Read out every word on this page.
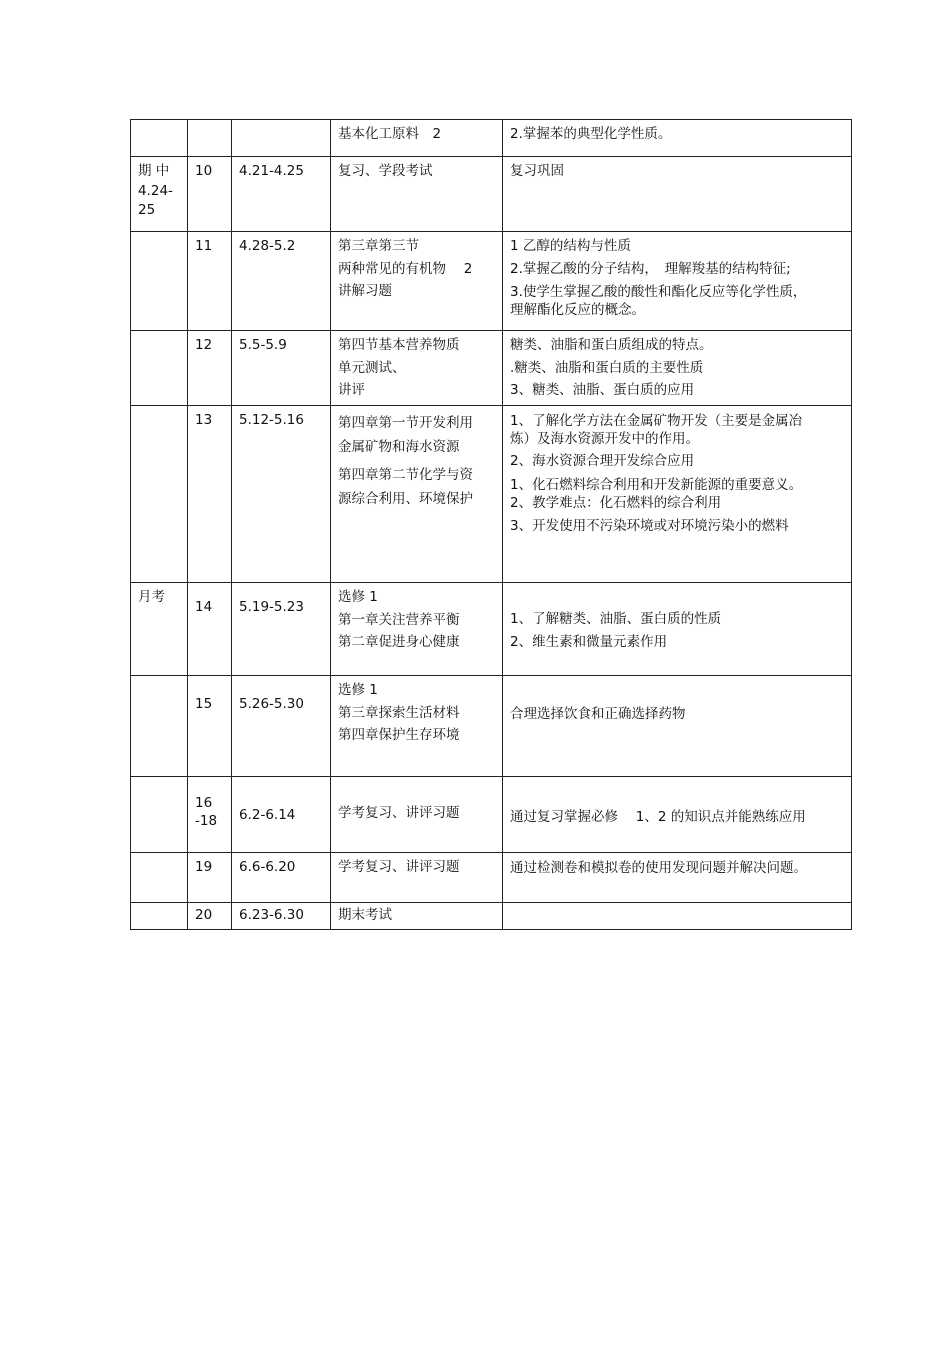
			基本化工原料　2	2.掌握苯的典型化学性质。

期 中
4.24-
25	10	4.21-4.25	复习、学段考试	复习巩固

	11	4.28-5.2	第三章第三节
两种常见的有机物　 2
讲解习题	1 乙醇的结构与性质
2.掌握乙酸的分子结构，　理解羧基的结构特征;
3.使学生掌握乙酸的酸性和酯化反应等化学性质，理解酯化反应的概念。

	12	5.5-5.9	第四节基本营养物质
单元测试、
讲评	糖类、油脂和蛋白质组成的特点。
.糖类、油脂和蛋白质的主要性质
3、糖类、油脂、蛋白质的应用

	13	5.12-5.16	第四章第一节开发利用金属矿物和海水资源
第四章第二节化学与资源综合利用、环境保护	1、了解化学方法在金属矿物开发（主要是金属冶炼）及海水资源开发中的作用。
2、海水资源合理开发综合应用
1、化石燃料综合利用和开发新能源的重要意义。 2、教学难点：化石燃料的综合利用
3、开发使用不污染环境或对环境污染小的燃料

月考	14	5.19-5.23	选修 1
第一章关注营养平衡
第二章促进身心健康	1、了解糖类、油脂、蛋白质的性质
2、维生素和微量元素作用

	15	5.26-5.30	选修 1
第三章探索生活材料
第四章保护生存环境	合理选择饮食和正确选择药物

	16
-18	6.2-6.14	学考复习、讲评习题	通过复习掌握必修　 1、2 的知识点并能熟练应用

	19	6.6-6.20	学考复习、讲评习题	通过检测卷和模拟卷的使用发现问题并解决问题。

	20	6.23-6.30	期末考试	
